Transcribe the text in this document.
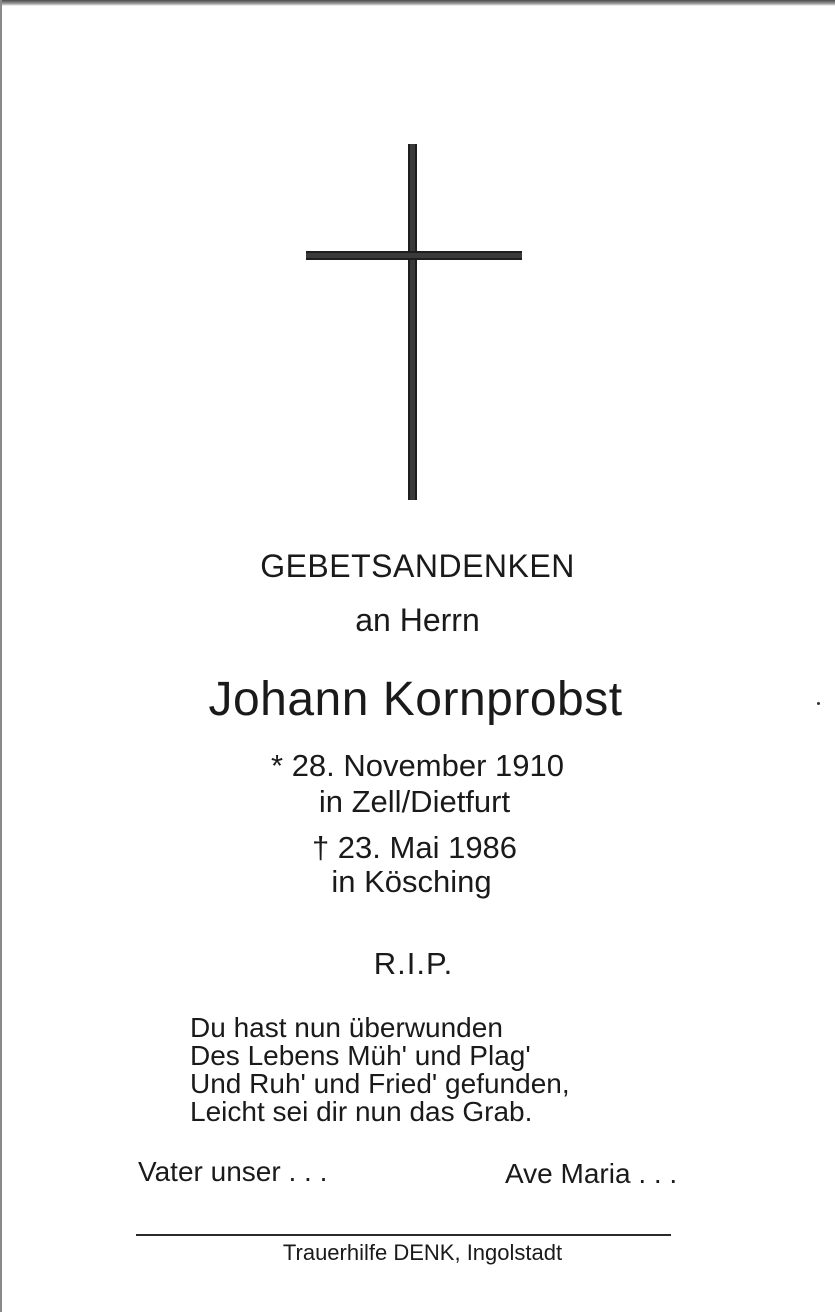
GEBETSANDENKEN
an Herrn
Johann Kornprobst
* 28. November 1910
in Zell/Dietfurt
† 23. Mai 1986
in Kösching
R.I.P.
Du hast nun überwunden
Des Lebens Müh' und Plag'
Und Ruh' und Fried' gefunden,
Leicht sei dir nun das Grab.
Vater unser . . .	Ave Maria . . .
Trauerhilfe DENK, Ingolstadt
